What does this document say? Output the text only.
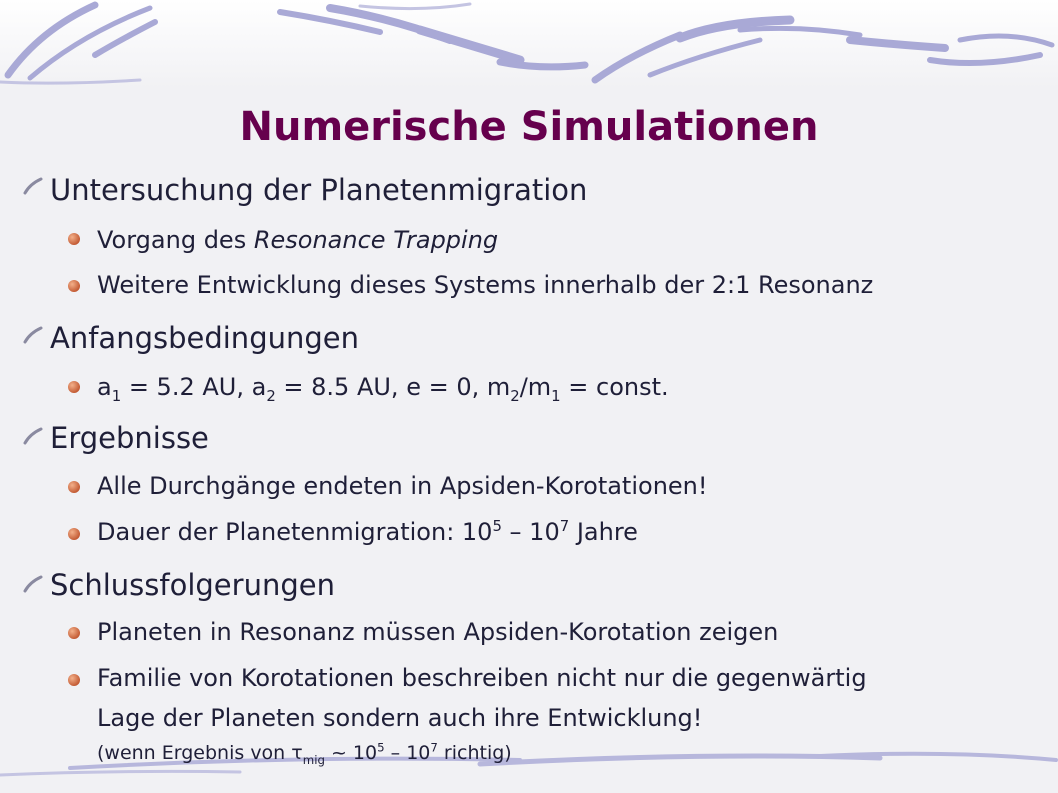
Numerische Simulationen
Untersuchung der Planetenmigration
Vorgang des Resonance Trapping
Weitere Entwicklung dieses Systems innerhalb der 2:1 Resonanz
Anfangsbedingungen
$a_1 = 5.2$ AU, $a_2 = 8.5$ AU, e = 0, $m_2/m_1$ = const.
Ergebnisse
Alle Durchgänge endeten in Apsiden-Korotationen!
Dauer der Planetenmigration: $10^5 - 10^7$ Jahre
Schlussfolgerungen
Planeten in Resonanz müssen Apsiden-Korotation zeigen
Familie von Korotationen beschreiben nicht nur die gegenwärtig
Lage der Planeten sondern auch ihre Entwicklung!
(wenn Ergebnis von $\tau_{mig}$ ~ $10^5 - 10^7$ richtig)
